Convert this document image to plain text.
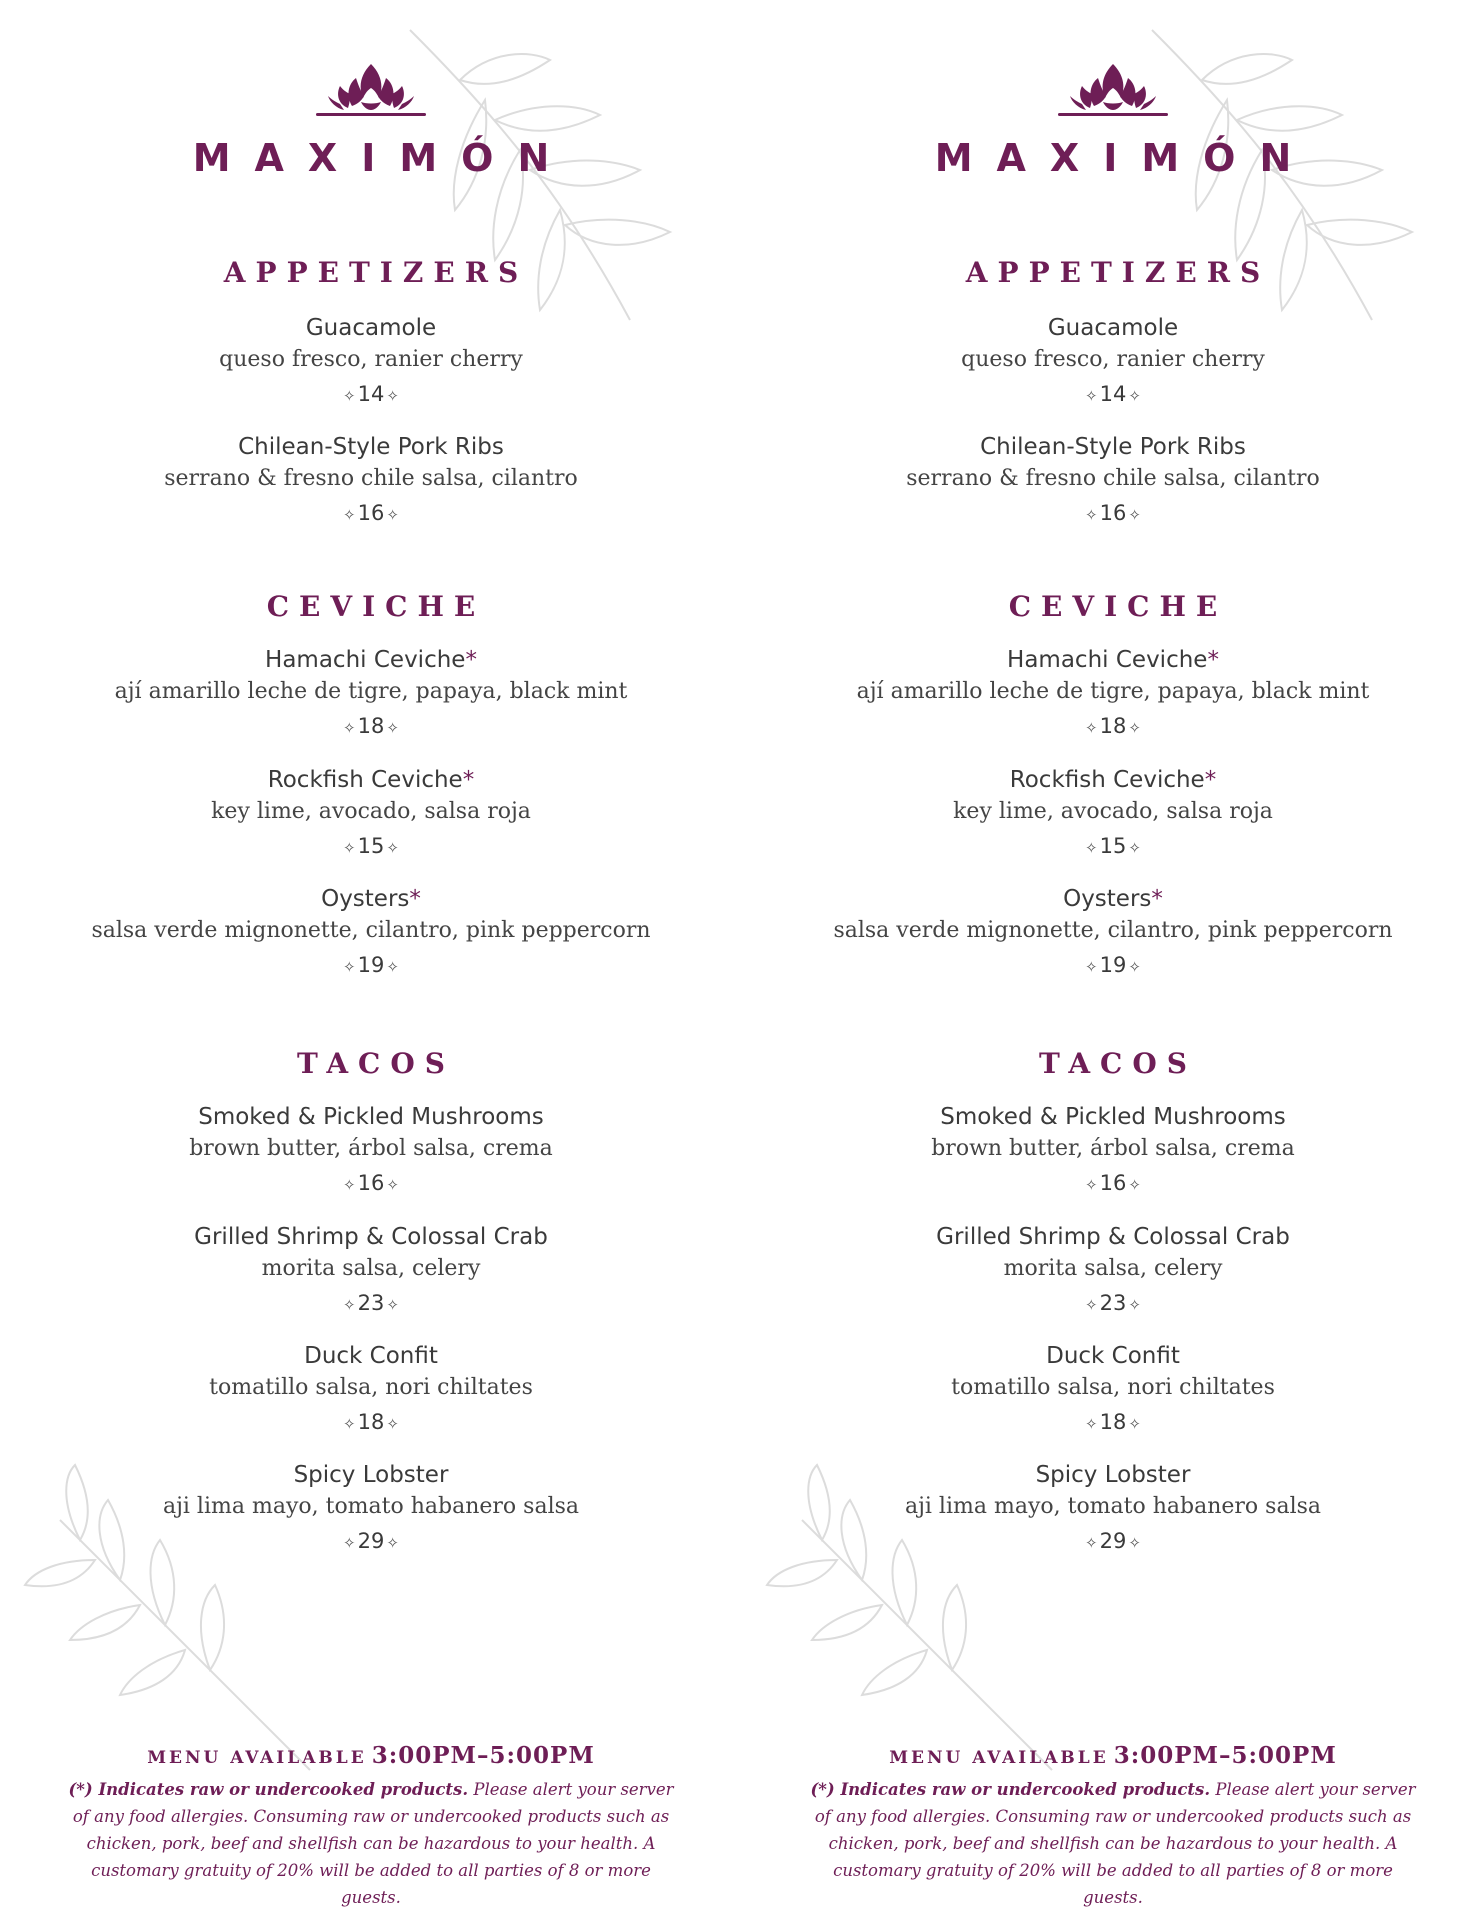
MAXIMÓN
APPETIZERS
Guacamole
queso fresco, ranier cherry
✧14 ✧
Chilean-Style Pork Ribs
serrano & fresno chile salsa, cilantro
✧16 ✧
CEVICHE
Hamachi Ceviche*
ají amarillo leche de tigre, papaya, black mint
✧18 ✧
Rockfish Ceviche*
key lime, avocado, salsa roja
✧15 ✧
Oysters*
salsa verde mignonette, cilantro, pink peppercorn
✧19 ✧
TACOS
Smoked & Pickled Mushrooms
brown butter, árbol salsa, crema
✧16 ✧
Grilled Shrimp & Colossal Crab
morita salsa, celery
✧23 ✧
Duck Confit
tomatillo salsa, nori chiltates
✧18 ✧
Spicy Lobster
aji lima mayo, tomato habanero salsa
✧29 ✧
MENU AVAILABLE 3:00PM–5:00PM
(*) Indicates raw or undercooked products. Please alert your server of any food allergies. Consuming raw or undercooked products such as chicken, pork, beef and shellfish can be hazardous to your health. A customary gratuity of 20% will be added to all parties of 8 or more guests.
MAXIMÓN
APPETIZERS
Guacamole
queso fresco, ranier cherry
✧14 ✧
Chilean-Style Pork Ribs
serrano & fresno chile salsa, cilantro
✧16 ✧
CEVICHE
Hamachi Ceviche*
ají amarillo leche de tigre, papaya, black mint
✧18 ✧
Rockfish Ceviche*
key lime, avocado, salsa roja
✧15 ✧
Oysters*
salsa verde mignonette, cilantro, pink peppercorn
✧19 ✧
TACOS
Smoked & Pickled Mushrooms
brown butter, árbol salsa, crema
✧16 ✧
Grilled Shrimp & Colossal Crab
morita salsa, celery
✧23 ✧
Duck Confit
tomatillo salsa, nori chiltates
✧18 ✧
Spicy Lobster
aji lima mayo, tomato habanero salsa
✧29 ✧
MENU AVAILABLE 3:00PM–5:00PM
(*) Indicates raw or undercooked products. Please alert your server of any food allergies. Consuming raw or undercooked products such as chicken, pork, beef and shellfish can be hazardous to your health. A customary gratuity of 20% will be added to all parties of 8 or more guests.
